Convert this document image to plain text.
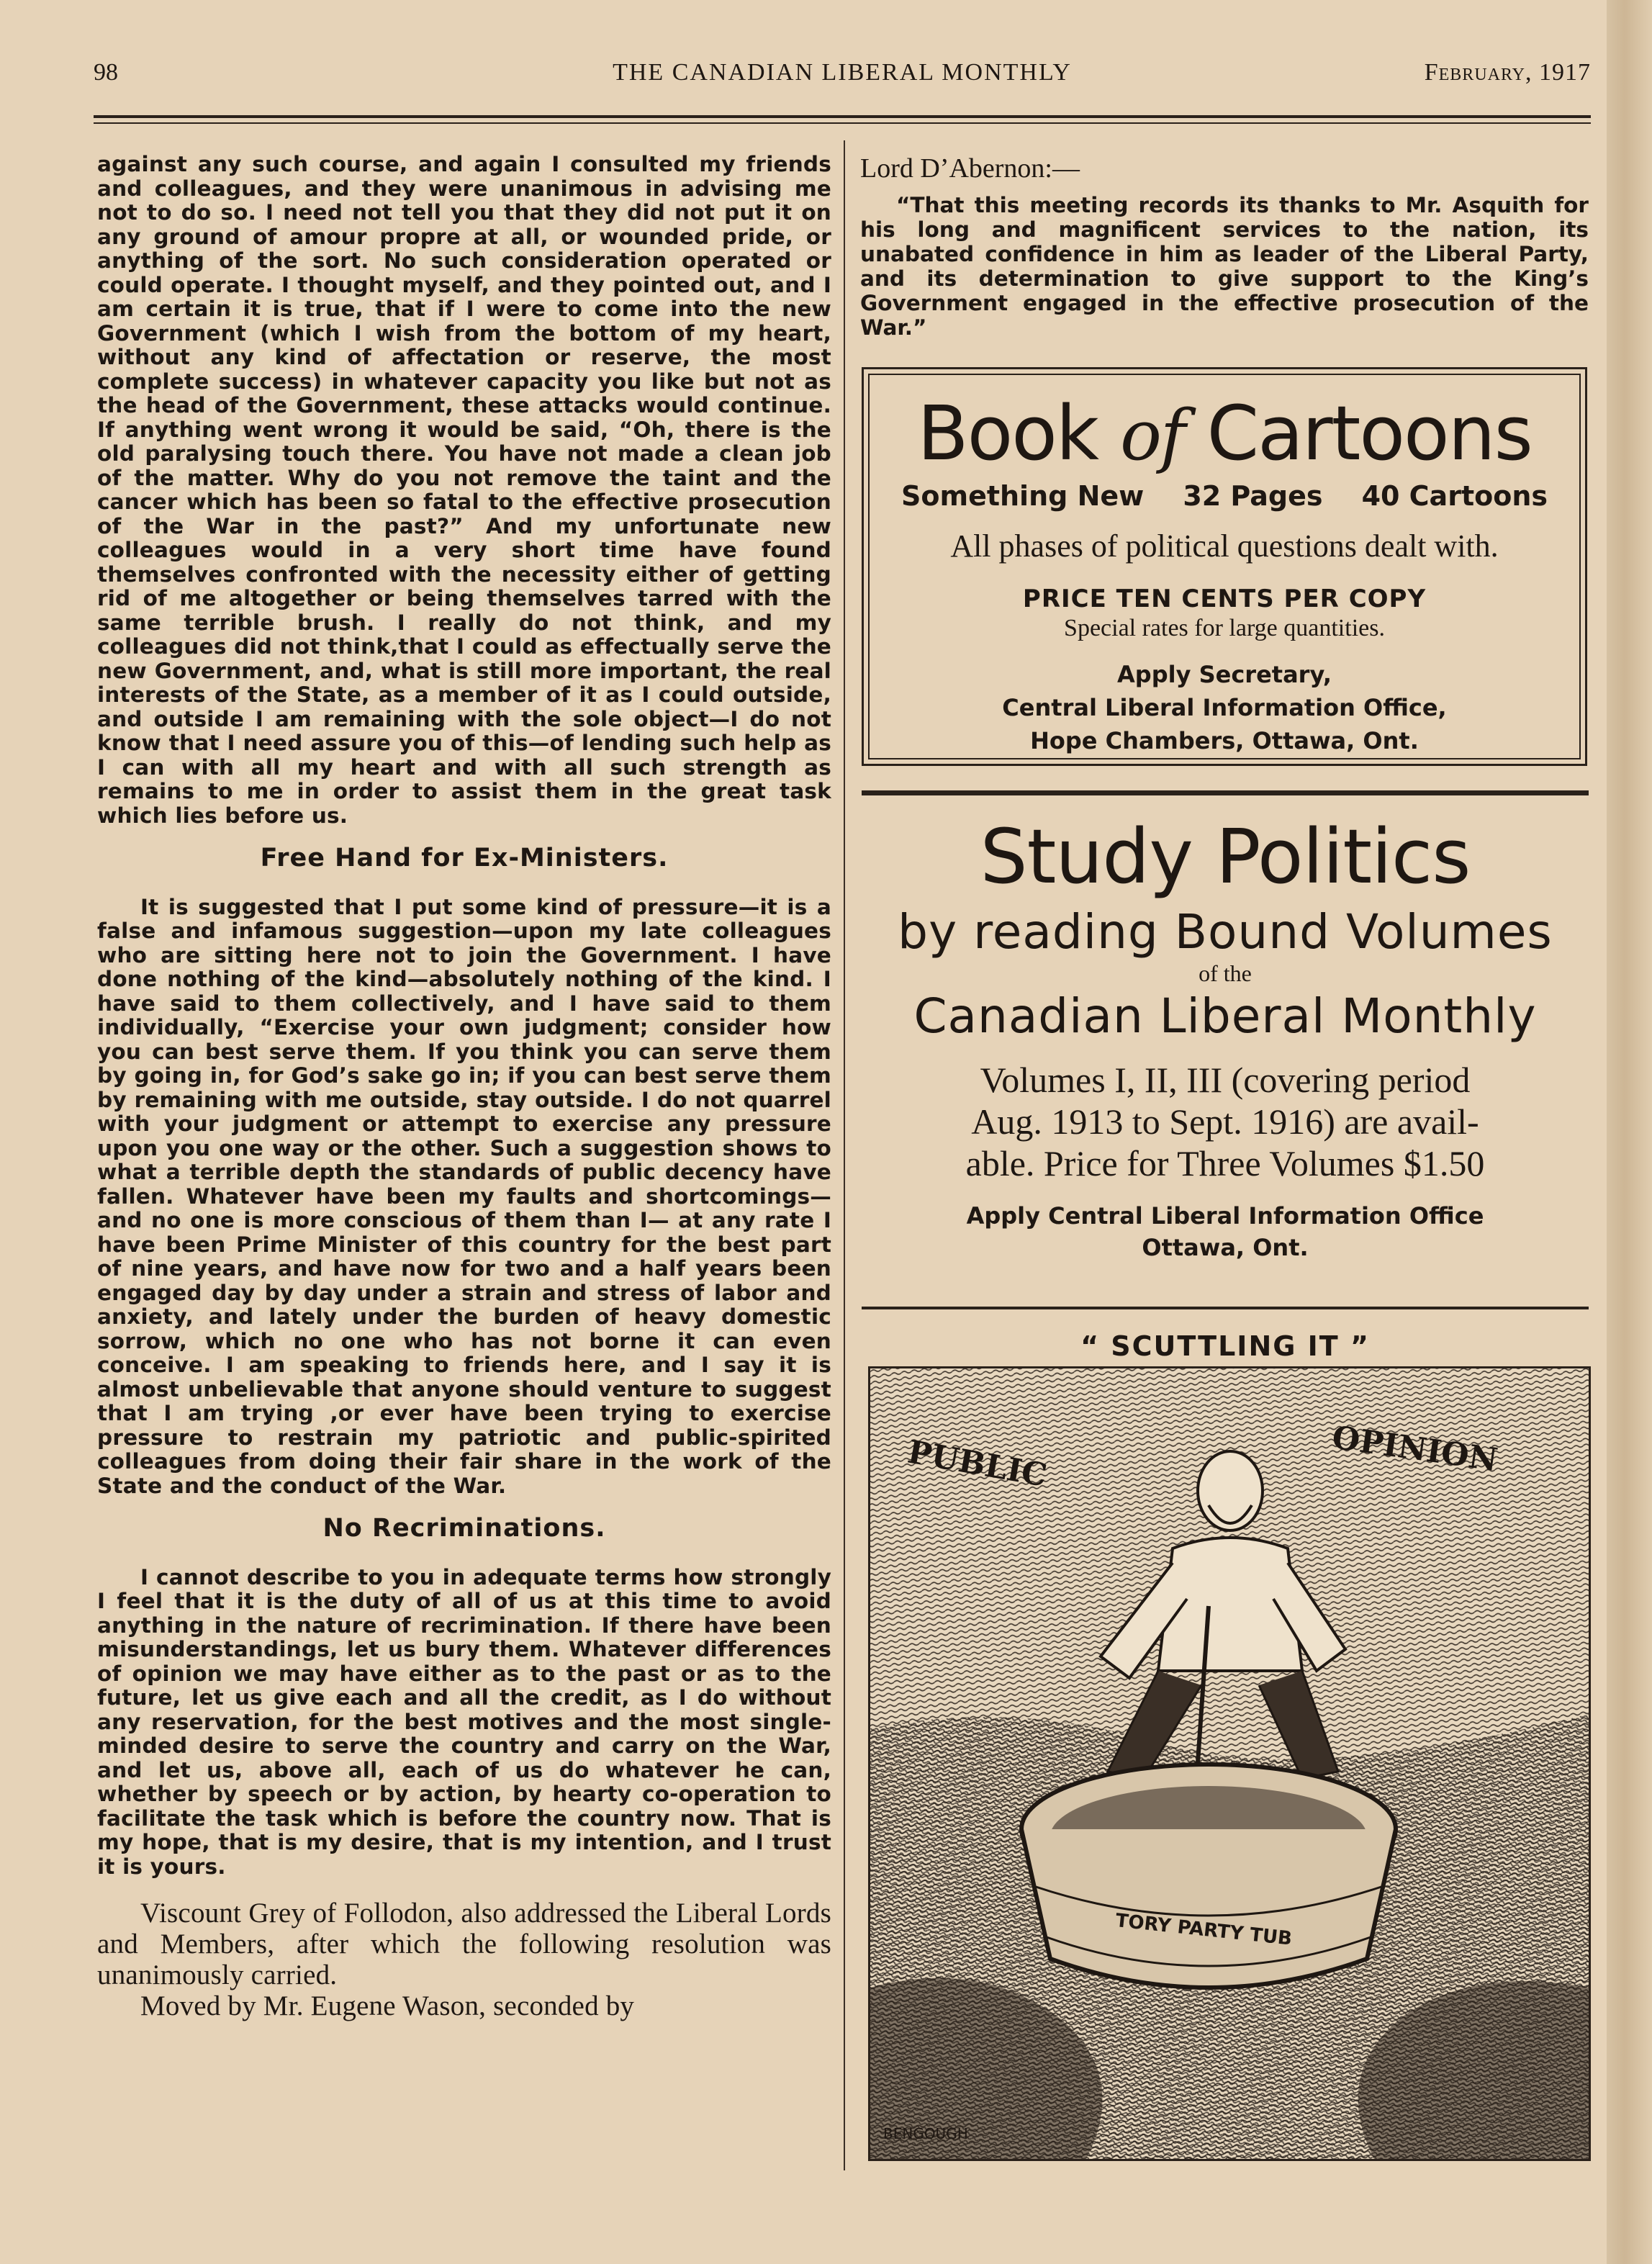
98	THE CANADIAN LIBERAL MONTHLY	February, 1917

against any such course, and again I consulted my friends and colleagues, and they were unanimous in advising me not to do so. I need not tell you that they did not put it on any ground of amour propre at all, or wounded pride, or anything of the sort. No such consideration operated or could operate. I thought myself, and they pointed out, and I am certain it is true, that if I were to come into the new Government (which I wish from the bottom of my heart, without any kind of affectation or reserve, the most complete success) in whatever capacity you like but not as the head of the Government, these attacks would continue. If anything went wrong it would be said, “Oh, there is the old paralysing touch there. You have not made a clean job of the matter. Why do you not remove the taint and the cancer which has been so fatal to the effective prosecution of the War in the past?” And my unfortunate new colleagues would in a very short time have found themselves confronted with the necessity either of getting rid of me altogether or being themselves tarred with the same terrible brush. I really do not think, and my colleagues did not think,that I could as effectually serve the new Government, and, what is still more important, the real interests of the State, as a member of it as I could outside, and outside I am remaining with the sole object—I do not know that I need assure you of this—of lending such help as I can with all my heart and with all such strength as remains to me in order to assist them in the great task which lies before us.

Free Hand for Ex-Ministers.

It is suggested that I put some kind of pressure—it is a false and infamous suggestion—upon my late colleagues who are sitting here not to join the Government. I have done nothing of the kind—absolutely nothing of the kind. I have said to them collectively, and I have said to them individually, “Exercise your own judgment; consider how you can best serve them. If you think you can serve them by going in, for God’s sake go in; if you can best serve them by remaining with me outside, stay outside. I do not quarrel with your judgment or attempt to exercise any pressure upon you one way or the other. Such a suggestion shows to what a terrible depth the standards of public decency have fallen. Whatever have been my faults and shortcomings—and no one is more conscious of them than I— at any rate I have been Prime Minister of this country for the best part of nine years, and have now for two and a half years been engaged day by day under a strain and stress of labor and anxiety, and lately under the burden of heavy domestic sorrow, which no one who has not borne it can even conceive. I am speaking to friends here, and I say it is almost unbelievable that anyone should venture to suggest that I am trying ,or ever have been trying to exercise pressure to restrain my patriotic and public-spirited colleagues from doing their fair share in the work of the State and the conduct of the War.

No Recriminations.

I cannot describe to you in adequate terms how strongly I feel that it is the duty of all of us at this time to avoid anything in the nature of recrimination. If there have been misunderstandings, let us bury them. Whatever differences of opinion we may have either as to the past or as to the future, let us give each and all the credit, as I do without any reservation, for the best motives and the most single-minded desire to serve the country and carry on the War, and let us, above all, each of us do whatever he can, whether by speech or by action, by hearty co-operation to facilitate the task which is before the country now. That is my hope, that is my desire, that is my intention, and I trust it is yours.

Viscount Grey of Follodon, also addressed the Liberal Lords and Members, after which the following resolution was unanimously carried.

Moved by Mr. Eugene Wason, seconded by

Lord D’Abernon:—

“That this meeting records its thanks to Mr. Asquith for his long and magnificent services to the nation, its unabated confidence in him as leader of the Liberal Party, and its determination to give support to the King’s Government engaged in the effective prosecution of the War.”

Book of Cartoons
Something New 32 Pages 40 Cartoons
All phases of political questions dealt with.
PRICE TEN CENTS PER COPY
Special rates for large quantities.
Apply Secretary,
Central Liberal Information Office,
Hope Chambers, Ottawa, Ont.
Study Politics
by reading Bound Volumes
of the
Canadian Liberal Monthly
Volumes I, II, III (covering period
Aug. 1913 to Sept. 1916) are avail-
able. Price for Three Volumes $1.50
Apply Central Liberal Information Office
Ottawa, Ont.
“ SCUTTLING IT ”
PUBLIC	OPINION
TORY PARTY TUB
BENGOUGH
